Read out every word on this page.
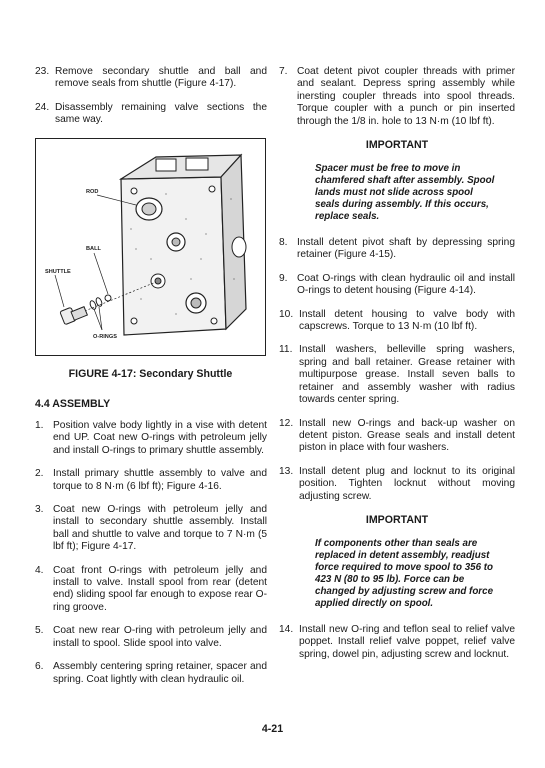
23. Remove secondary shuttle and ball and remove seals from shuttle (Figure 4-17).
24. Disassembly remaining valve sections the same way.
ROD
BALL
SHUTTLE
O-RINGS
FIGURE 4-17: Secondary Shuttle
4.4 ASSEMBLY
1. Position valve body lightly in a vise with detent end UP. Coat new O-rings with petroleum jelly and install O-rings to primary shuttle assembly.
2. Install primary shuttle assembly to valve and torque to 8 N·m (6 lbf ft); Figure 4-16.
3. Coat new O-rings with petroleum jelly and install to secondary shuttle assembly. Install ball and shuttle to valve and torque to 7 N·m (5 lbf ft); Figure 4-17.
4. Coat front O-rings with petroleum jelly and install to valve. Install spool from rear (detent end) sliding spool far enough to expose rear O-ring groove.
5. Coat new rear O-ring with petroleum jelly and install to spool. Slide spool into valve.
6. Assembly centering spring retainer, spacer and spring. Coat lightly with clean hydraulic oil.
7. Coat detent pivot coupler threads with primer and sealant. Depress spring assembly while inersting coupler threads into spool threads. Torque coupler with a punch or pin inserted through the 1/8 in. hole to 13 N·m (10 lbf ft).
IMPORTANT
Spacer must be free to move in chamfered shaft after assembly. Spool lands must not slide across spool seals during assembly. If this occurs, replace seals.
8. Install detent pivot shaft by depressing spring retainer (Figure 4-15).
9. Coat O-rings with clean hydraulic oil and install O-rings to detent housing (Figure 4-14).
10. Install detent housing to valve body with capscrews. Torque to 13 N·m (10 lbf ft).
11. Install washers, belleville spring washers, spring and ball retainer. Grease retainer with multipurpose grease. Install seven balls to retainer and assembly washer with radius towards center spring.
12. Install new O-rings and back-up washer on detent piston. Grease seals and install detent piston in place with four washers.
13. Install detent plug and locknut to its original position. Tighten locknut without moving adjusting screw.
IMPORTANT
If components other than seals are replaced in detent assembly, readjust force required to move spool to 356 to 423 N (80 to 95 lb). Force can be changed by adjusting screw and force applied directly on spool.
14. Install new O-ring and teflon seal to relief valve poppet. Install relief valve poppet, relief valve spring, dowel pin, adjusting screw and locknut.
4-21
